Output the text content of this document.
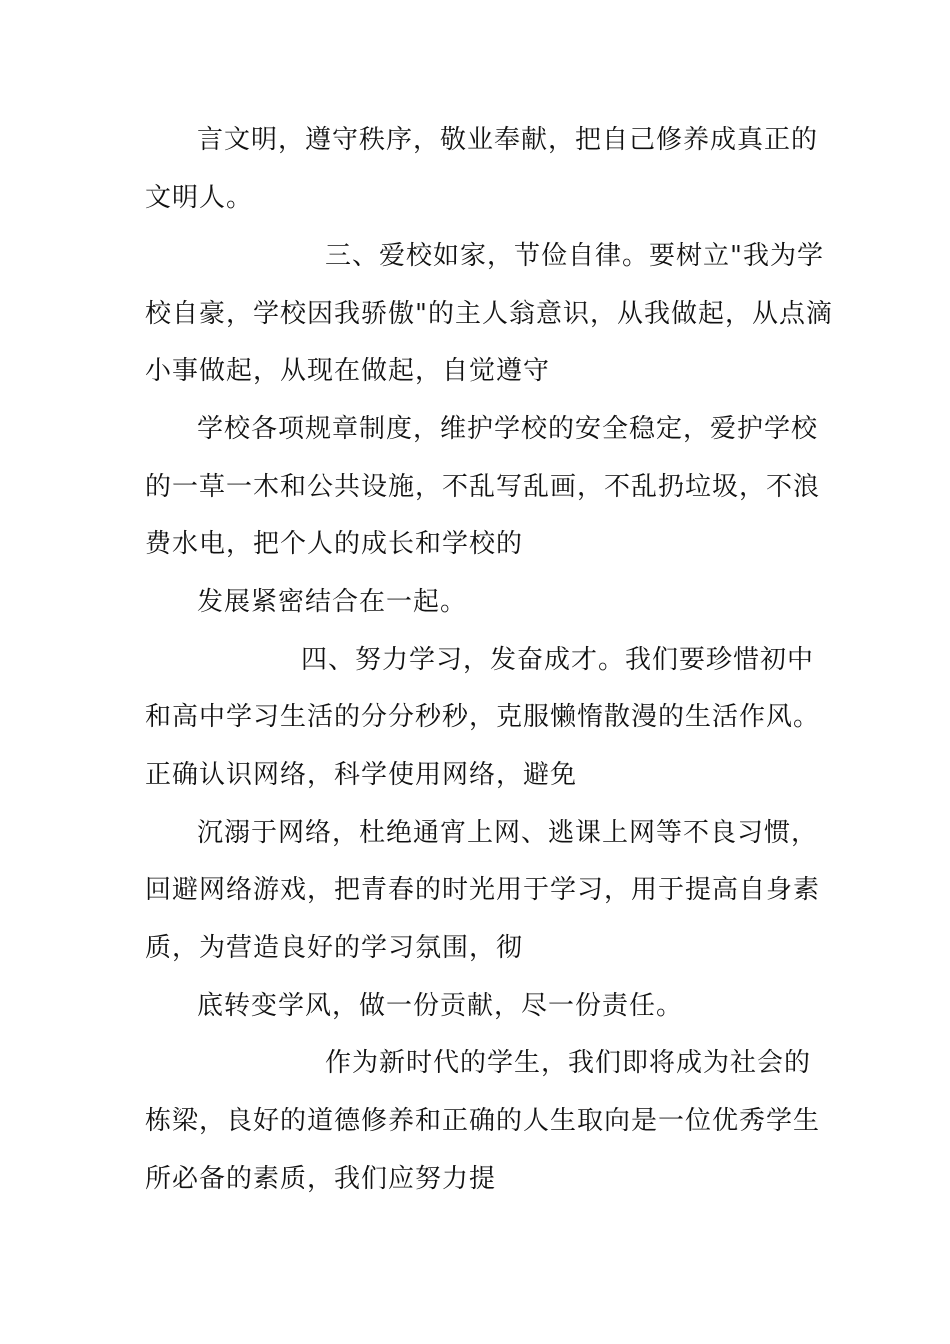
言文明，遵守秩序，敬业奉献，把自己修养成真正的
文明人。
三、爱校如家，节俭自律。要树立"我为学
校自豪，学校因我骄傲"的主人翁意识，从我做起，从点滴
小事做起，从现在做起，自觉遵守
学校各项规章制度，维护学校的安全稳定，爱护学校
的一草一木和公共设施，不乱写乱画，不乱扔垃圾，不浪
费水电，把个人的成长和学校的
发展紧密结合在一起。
四、努力学习，发奋成才。我们要珍惜初中
和高中学习生活的分分秒秒，克服懒惰散漫的生活作风。
正确认识网络，科学使用网络，避免
沉溺于网络，杜绝通宵上网、逃课上网等不良习惯，
回避网络游戏，把青春的时光用于学习，用于提高自身素
质，为营造良好的学习氛围，彻
底转变学风，做一份贡献，尽一份责任。
作为新时代的学生，我们即将成为社会的
栋梁，良好的道德修养和正确的人生取向是一位优秀学生
所必备的素质，我们应努力提
